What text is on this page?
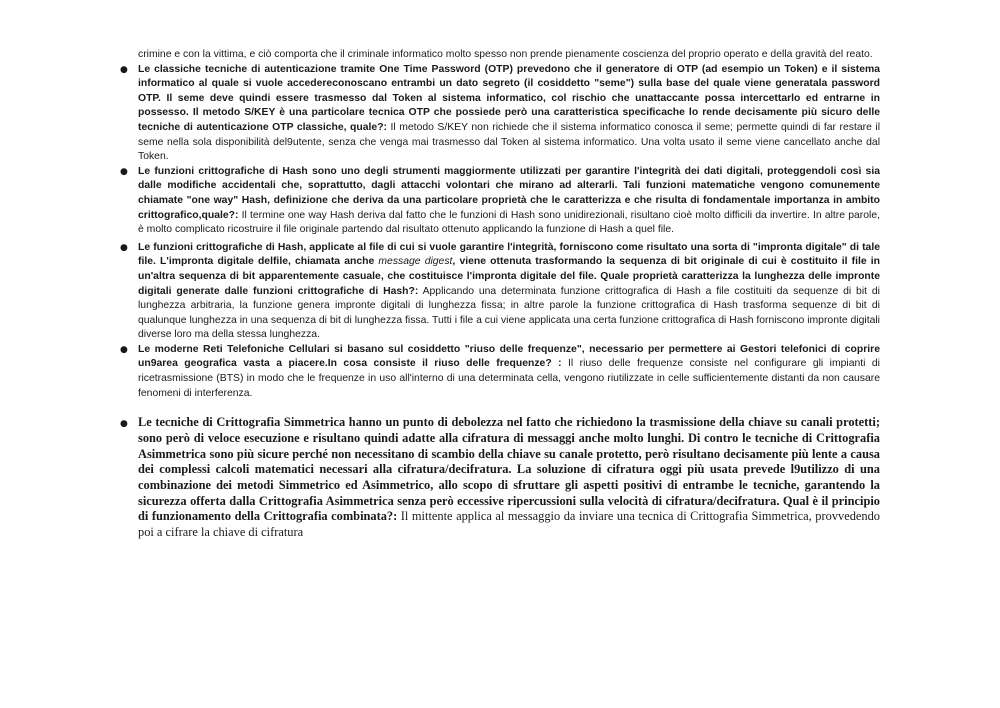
crimine e con la vittima, e ciò comporta che il criminale informatico molto spesso non prende pienamente coscienza del proprio operato e della gravità del reato.
● Le classiche tecniche di autenticazione tramite One Time Password (OTP) prevedono che il generatore di OTP (ad esempio un Token) e il sistema informatico al quale si vuole accedereconoscano entrambi un dato segreto (il cosiddetto "seme") sulla base del quale viene generatala password OTP. Il seme deve quindi essere trasmesso dal Token al sistema informatico, col rischio che unattaccante possa intercettarlo ed entrarne in possesso. Il metodo S/KEY è una particolare tecnica OTP che possiede però una caratteristica specificache lo rende decisamente più sicuro delle tecniche di autenticazione OTP classiche, quale?: Il metodo S/KEY non richiede che il sistema informatico conosca il seme; permette quindi di far restare il seme nella sola disponibilità del9utente, senza che venga mai trasmesso dal Token al sistema informatico. Una volta usato il seme viene cancellato anche dal Token.
● Le funzioni crittografiche di Hash sono uno degli strumenti maggiormente utilizzati per garantire l'integrità dei dati digitali, proteggendoli così sia dalle modifiche accidentali che, soprattutto, dagli attacchi volontari che mirano ad alterarli. Tali funzioni matematiche vengono comunemente chiamate "one way" Hash, definizione che deriva da una particolare proprietà che le caratterizza e che risulta di fondamentale importanza in ambito crittografico,quale?: Il termine one way Hash deriva dal fatto che le funzioni di Hash sono unidirezionali, risultano cioè molto difficili da invertire. In altre parole, è molto complicato ricostruire il file originale partendo dal risultato ottenuto applicando la funzione di Hash a quel file.
● Le funzioni crittografiche di Hash, applicate al file di cui si vuole garantire l'integrità, forniscono come risultato una sorta di "impronta digitale" di tale file. L'impronta digitale delfile, chiamata anche message digest, viene ottenuta trasformando la sequenza di bit originale di cui è costituito il file in un'altra sequenza di bit apparentemente casuale, che costituisce l'impronta digitale del file. Quale proprietà caratterizza la lunghezza delle impronte digitali generate dalle funzioni crittografiche di Hash?: Applicando una determinata funzione crittografica di Hash a file costituiti da sequenze di bit di lunghezza arbitraria, la funzione genera impronte digitali di lunghezza fissa; in altre parole la funzione crittografica di Hash trasforma sequenze di bit di qualunque lunghezza in una sequenza di bit di lunghezza fissa. Tutti i file a cui viene applicata una certa funzione crittografica di Hash forniscono impronte digitali diverse loro ma della stessa lunghezza.
● Le moderne Reti Telefoniche Cellulari si basano sul cosiddetto "riuso delle frequenze", necessario per permettere ai Gestori telefonici di coprire un9area geografica vasta a piacere.In cosa consiste il riuso delle frequenze? : Il riuso delle frequenze consiste nel configurare gli impianti di ricetrasmissione (BTS) in modo che le frequenze in uso all'interno di una determinata cella, vengono riutilizzate in celle sufficientemente distanti da non causare fenomeni di interferenza.
● Le tecniche di Crittografia Simmetrica hanno un punto di debolezza nel fatto che richiedono la trasmissione della chiave su canali protetti; sono però di veloce esecuzione e risultano quindi adatte alla cifratura di messaggi anche molto lunghi. Di contro le tecniche di Crittografia Asimmetrica sono più sicure perché non necessitano di scambio della chiave su canale protetto, però risultano decisamente più lente a causa dei complessi calcoli matematici necessari alla cifratura/decifratura. La soluzione di cifratura oggi più usata prevede l9utilizzo di una combinazione dei metodi Simmetrico ed Asimmetrico, allo scopo di sfruttare gli aspetti positivi di entrambe le tecniche, garantendo la sicurezza offerta dalla Crittografia Asimmetrica senza però eccessive ripercussioni sulla velocità di cifratura/decifratura. Qual è il principio di funzionamento della Crittografia combinata?: Il mittente applica al messaggio da inviare una tecnica di Crittografia Simmetrica, provvedendo poi a cifrare la chiave di cifratura
